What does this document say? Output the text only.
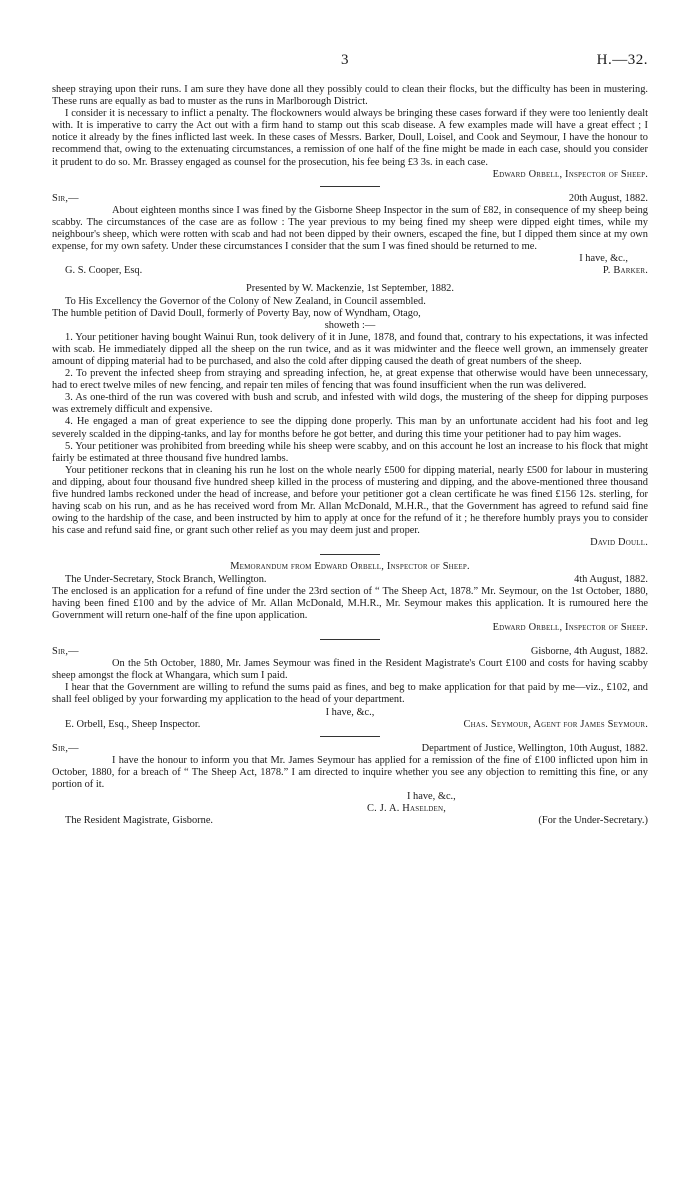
3	H.—32.

sheep straying upon their runs. I am sure they have done all they possibly could to clean their flocks, but the difficulty has been in mustering. These runs are equally as bad to muster as the runs in Marlborough District.

I consider it is necessary to inflict a penalty. The flockowners would always be bringing these cases forward if they were too leniently dealt with. It is imperative to carry the Act out with a firm hand to stamp out this scab disease. A few examples made will have a great effect ; I notice it already by the fines inflicted last week. In these cases of Messrs. Barker, Doull, Loisel, and Cook and Seymour, I have the honour to recommend that, owing to the extenuating circumstances, a remission of one half of the fine might be made in each case, should you consider it prudent to do so. Mr. Brassey engaged as counsel for the prosecution, his fee being £3 3s. in each case.

Edward Orbell, Inspector of Sheep.

Sir,—	20th August, 1882.

About eighteen months since I was fined by the Gisborne Sheep Inspector in the sum of £82, in consequence of my sheep being scabby. The circumstances of the case are as follow : The year previous to my being fined my sheep were dipped eight times, while my neighbour's sheep, which were rotten with scab and had not been dipped by their owners, escaped the fine, but I dipped them since at my own expense, for my own safety. Under these circumstances I consider that the sum I was fined should be returned to me.

I have, &c.,

G. S. Cooper, Esq.	P. Barker.

Presented by W. Mackenzie, 1st September, 1882.

To His Excellency the Governor of the Colony of New Zealand, in Council assembled.

The humble petition of David Doull, formerly of Poverty Bay, now of Wyndham, Otago,

showeth :—

1. Your petitioner having bought Wainui Run, took delivery of it in June, 1878, and found that, contrary to his expectations, it was infected with scab. He immediately dipped all the sheep on the run twice, and as it was midwinter and the fleece well grown, an immensely greater amount of dipping material had to be purchased, and also the cold after dipping caused the death of great numbers of the sheep.

2. To prevent the infected sheep from straying and spreading infection, he, at great expense that otherwise would have been unnecessary, had to erect twelve miles of new fencing, and repair ten miles of fencing that was found insufficient when the run was delivered.

3. As one-third of the run was covered with bush and scrub, and infested with wild dogs, the mustering of the sheep for dipping purposes was extremely difficult and expensive.

4. He engaged a man of great experience to see the dipping done properly. This man by an unfortunate accident had his foot and leg severely scalded in the dipping-tanks, and lay for months before he got better, and during this time your petitioner had to pay him wages.

5. Your petitioner was prohibited from breeding while his sheep were scabby, and on this account he lost an increase to his flock that might fairly be estimated at three thousand five hundred lambs.

Your petitioner reckons that in cleaning his run he lost on the whole nearly £500 for dipping material, nearly £500 for labour in mustering and dipping, about four thousand five hundred sheep killed in the process of mustering and dipping, and the above-mentioned three thousand five hundred lambs reckoned under the head of increase, and before your petitioner got a clean certificate he was fined £156 12s. sterling, for having scab on his run, and as he has received word from Mr. Allan McDonald, M.H.R., that the Government has agreed to refund said fine owing to the hardship of the case, and been instructed by him to apply at once for the refund of it ; he therefore humbly prays you to consider his case and refund said fine, or grant such other relief as you may deem just and proper.

David Doull.

Memorandum from Edward Orbell, Inspector of Sheep.

The Under-Secretary, Stock Branch, Wellington.	4th August, 1882.

The enclosed is an application for a refund of fine under the 23rd section of “ The Sheep Act, 1878.” Mr. Seymour, on the 1st October, 1880, having been fined £100 and by the advice of Mr. Allan McDonald, M.H.R., Mr. Seymour makes this application. It is rumoured here the Government will return one-half of the fine upon application.

Edward Orbell, Inspector of Sheep.

Sir,—	Gisborne, 4th August, 1882.

On the 5th October, 1880, Mr. James Seymour was fined in the Resident Magistrate's Court £100 and costs for having scabby sheep amongst the flock at Whangara, which sum I paid.

I hear that the Government are willing to refund the sums paid as fines, and beg to make application for that paid by me—viz., £102, and shall feel obliged by your forwarding my application to the head of your department.

I have, &c.,

E. Orbell, Esq., Sheep Inspector.	Chas. Seymour, Agent for James Seymour.
Sir,—	Department of Justice, Wellington, 10th August, 1882.

I have the honour to inform you that Mr. James Seymour has applied for a remission of the fine of £100 inflicted upon him in October, 1880, for a breach of “ The Sheep Act, 1878.” I am directed to inquire whether you see any objection to remitting this fine, or any portion of it.

I have, &c.,

C. J. A. Haselden,

The Resident Magistrate, Gisborne.	(For the Under-Secretary.)
